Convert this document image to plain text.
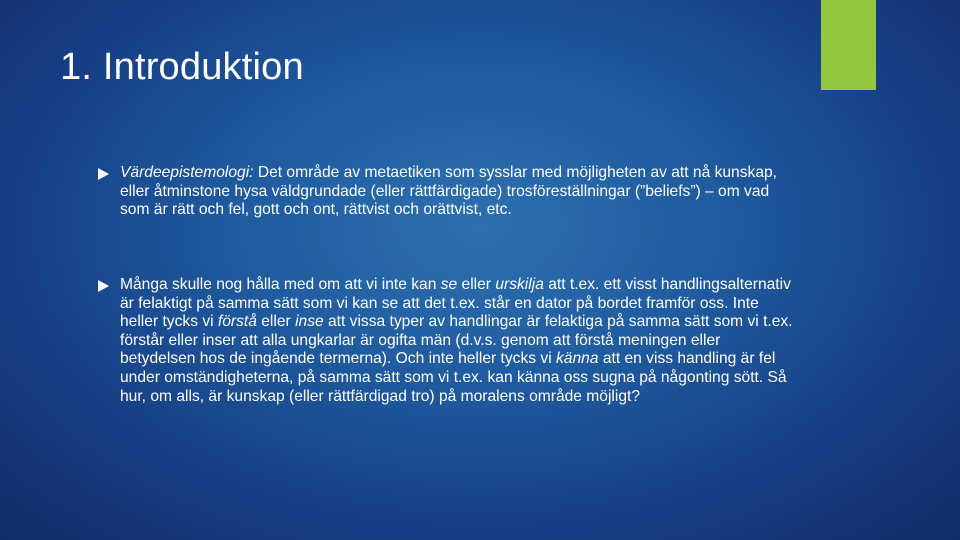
1. Introduktion

Värdeepistemologi: Det område av metaetiken som sysslar med möjligheten av att nå kunskap, eller åtminstone hysa väldgrundade (eller rättfärdigade) trosföreställningar (”beliefs”) – om vad som är rätt och fel, gott och ont, rättvist och orättvist, etc.

Många skulle nog hålla med om att vi inte kan se eller urskilja att t.ex. ett visst handlingsalternativ är felaktigt på samma sätt som vi kan se att det t.ex. står en dator på bordet framför oss. Inte heller tycks vi förstå eller inse att vissa typer av handlingar är felaktiga på samma sätt som vi t.ex. förstår eller inser att alla ungkarlar är ogifta män (d.v.s. genom att förstå meningen eller betydelsen hos de ingående termerna). Och inte heller tycks vi känna att en viss handling är fel under omständigheterna, på samma sätt som vi t.ex. kan känna oss sugna på någonting sött. Så hur, om alls, är kunskap (eller rättfärdigad tro) på moralens område möjligt?
